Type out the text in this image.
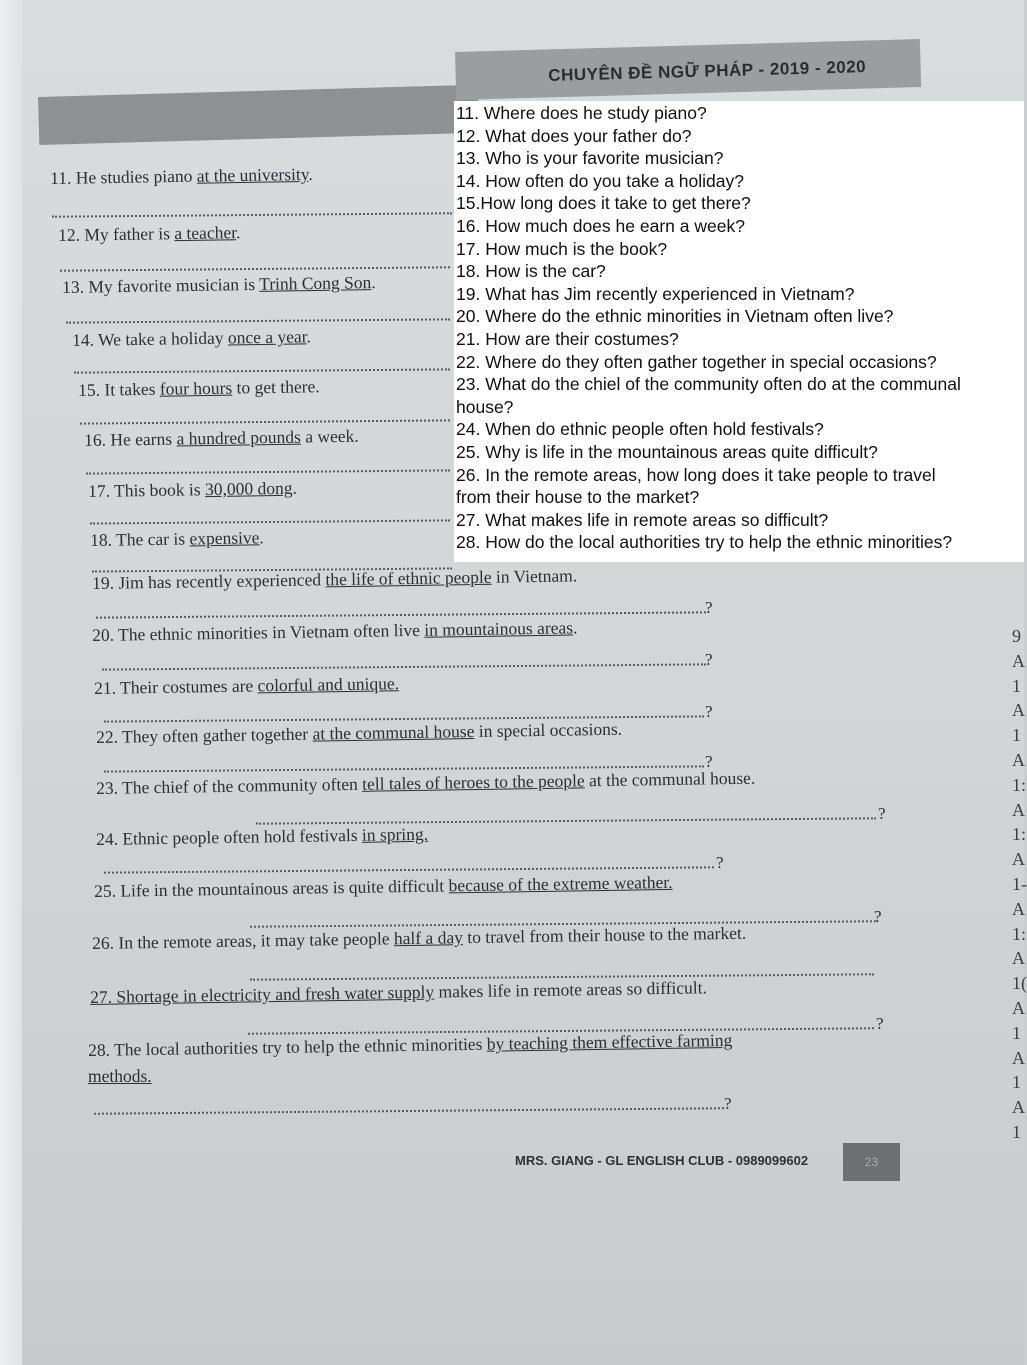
CHUYÊN ĐỀ NGỮ PHÁP - 2019 - 2020
11. He studies piano at the university.
12. My father is a teacher.
13. My favorite musician is Trinh Cong Son.
14. We take a holiday once a year.
15. It takes four hours to get there.
16. He earns a hundred pounds a week.
17. This book is 30,000 dong.
18. The car is expensive.
19. Jim has recently experienced the life of ethnic people in Vietnam.
?
20. The ethnic minorities in Vietnam often live in mountainous areas.
?
21. Their costumes are colorful and unique.
?
22. They often gather together at the communal house in special occasions.
?
23. The chief of the community often tell tales of heroes to the people at the communal house.
?
24. Ethnic people often hold festivals in spring.
?
25. Life in the mountainous areas is quite difficult because of the extreme weather.
?
26. In the remote areas, it may take people half a day to travel from their house to the market.
27. Shortage in electricity and fresh water supply makes life in remote areas so difficult.
?
28. The local authorities try to help the ethnic minorities by teaching them effective farming
?
methods.
11. Where does he study piano?
12. What does your father do?
13. Who is your favorite musician?
14. How often do you take a holiday?
15.How long does it take to get there?
16. How much does he earn a week?
17. How much is the book?
18. How is the car?
19. What has Jim recently experienced in Vietnam?
20. Where do the ethnic minorities in Vietnam often live?
21. How are their costumes?
22. Where do they often gather together in special occasions?
23. What do the chiel of the community often do at the communal
house?
24. When do ethnic people often hold festivals?
25. Why is life in the mountainous areas quite difficult?
26. In the remote areas, how long does it take people to travel
from their house to the market?
27. What makes life in remote areas so difficult?
28. How do the local authorities try to help the ethnic minorities?
MRS. GIANG - GL ENGLISH CLUB - 0989099602	23
9
A
1
A
1
A
1:
A
1:
A
1-
A
1:
A
1(
A
1
A
1
A
1
